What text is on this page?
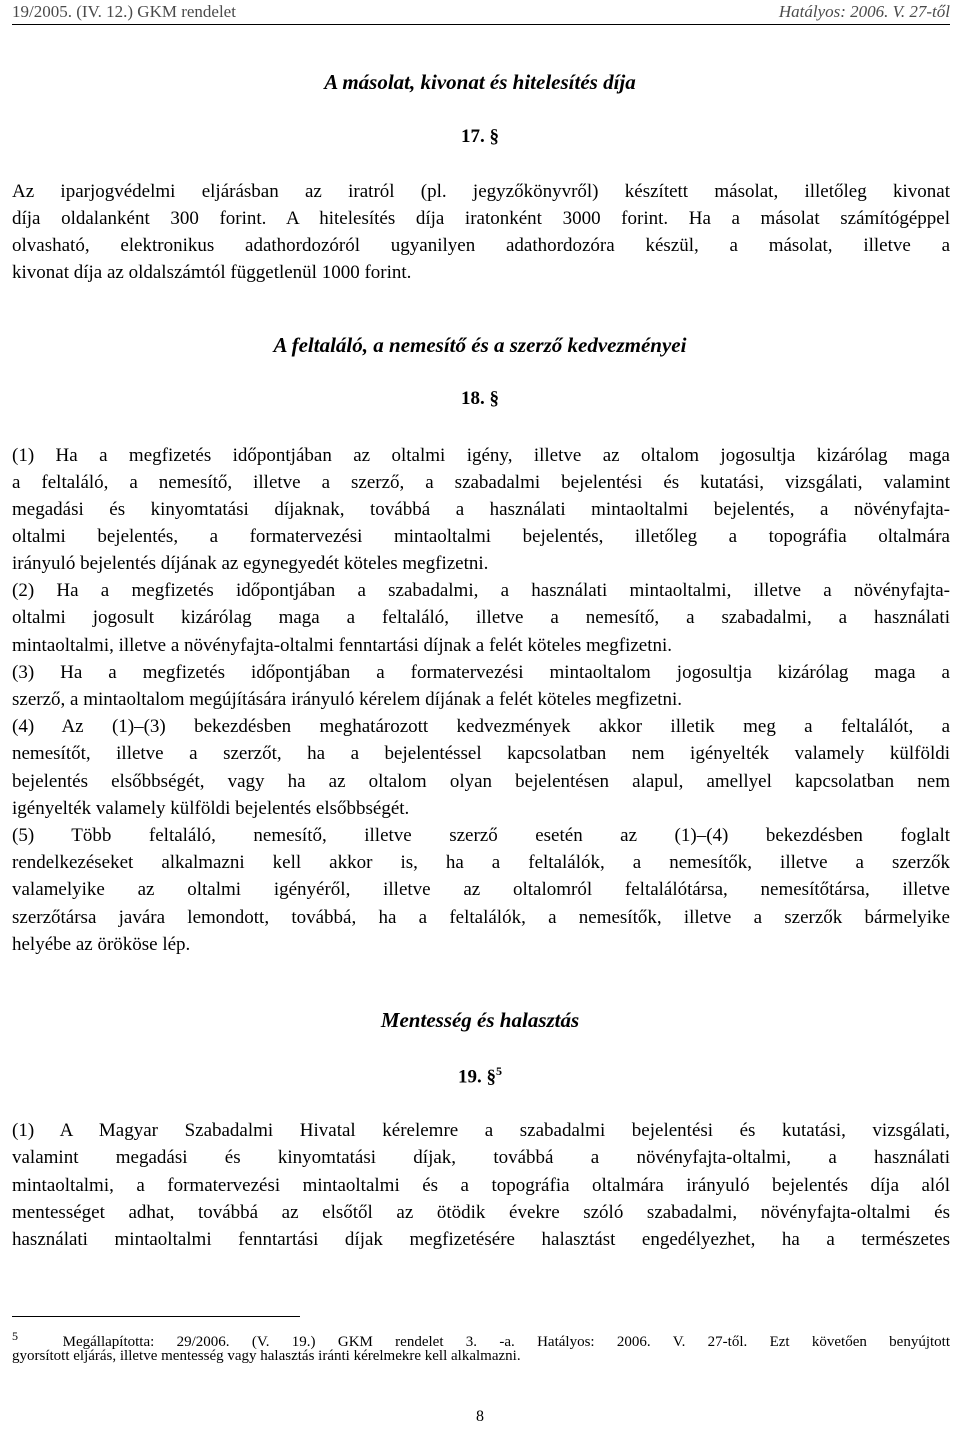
19/2005. (IV. 12.) GKM rendelet	Hatályos: 2006. V. 27-től
A másolat, kivonat és hitelesítés díja
17. §
Az iparjogvédelmi eljárásban az iratról (pl. jegyzőkönyvről) készített másolat, illetőleg kivonat
díja oldalanként 300 forint. A hitelesítés díja iratonként 3000 forint. Ha a másolat számítógéppel
olvasható, elektronikus adathordozóról ugyanilyen adathordozóra készül, a másolat, illetve a
kivonat díja az oldalszámtól függetlenül 1000 forint.
A feltaláló, a nemesítő és a szerző kedvezményei
18. §
(1) Ha a megfizetés időpontjában az oltalmi igény, illetve az oltalom jogosultja kizárólag maga
a feltaláló, a nemesítő, illetve a szerző, a szabadalmi bejelentési és kutatási, vizsgálati, valamint
megadási és kinyomtatási díjaknak, továbbá a használati mintaoltalmi bejelentés, a növényfajta-
oltalmi bejelentés, a formatervezési mintaoltalmi bejelentés, illetőleg a topográfia oltalmára
irányuló bejelentés díjának az egynegyedét köteles megfizetni.
(2) Ha a megfizetés időpontjában a szabadalmi, a használati mintaoltalmi, illetve a növényfajta-
oltalmi jogosult kizárólag maga a feltaláló, illetve a nemesítő, a szabadalmi, a használati
mintaoltalmi, illetve a növényfajta-oltalmi fenntartási díjnak a felét köteles megfizetni.
(3) Ha a megfizetés időpontjában a formatervezési mintaoltalom jogosultja kizárólag maga a
szerző, a mintaoltalom megújítására irányuló kérelem díjának a felét köteles megfizetni.
(4) Az (1)–(3) bekezdésben meghatározott kedvezmények akkor illetik meg a feltalálót, a
nemesítőt, illetve a szerzőt, ha a bejelentéssel kapcsolatban nem igényelték valamely külföldi
bejelentés elsőbbségét, vagy ha az oltalom olyan bejelentésen alapul, amellyel kapcsolatban nem
igényelték valamely külföldi bejelentés elsőbbségét.
(5) Több feltaláló, nemesítő, illetve szerző esetén az (1)–(4) bekezdésben foglalt
rendelkezéseket alkalmazni kell akkor is, ha a feltalálók, a nemesítők, illetve a szerzők
valamelyike az oltalmi igényéről, illetve az oltalomról feltalálótársa, nemesítőtársa, illetve
szerzőtársa javára lemondott, továbbá, ha a feltalálók, a nemesítők, illetve a szerzők bármelyike
helyébe az örököse lép.
Mentesség és halasztás
19. §$^5$
(1) A Magyar Szabadalmi Hivatal kérelemre a szabadalmi bejelentési és kutatási, vizsgálati,
valamint megadási és kinyomtatási díjak, továbbá a növényfajta-oltalmi, a használati
mintaoltalmi, a formatervezési mintaoltalmi és a topográfia oltalmára irányuló bejelentés díja alól
mentességet adhat, továbbá az elsőtől az ötödik évekre szóló szabadalmi, növényfajta-oltalmi és
használati mintaoltalmi fenntartási díjak megfizetésére halasztást engedélyezhet, ha a természetes
$^5$	Megállapította: 29/2006. (V. 19.) GKM rendelet 3. -a. Hatályos: 2006. V. 27-től. Ezt követően benyújtott
gyorsított eljárás, illetve mentesség vagy halasztás iránti kérelmekre kell alkalmazni.
8
